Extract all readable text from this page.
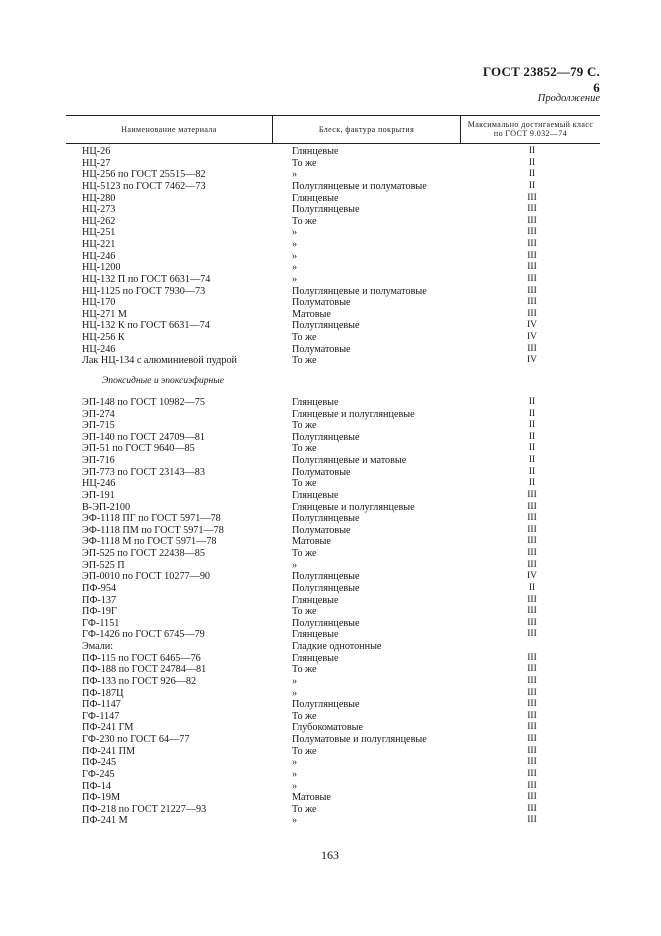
ГОСТ 23852—79 С. 6
Продолжение
Наименование материала	Блеск, фактура покрытия	Максимально достигаемый класс по ГОСТ 9.032—74
НЦ-26	Глянцевые	II
НЦ-27	То же	II
НЦ-256 по ГОСТ 25515—82	»	II
НЦ-5123 по ГОСТ 7462—73	Полуглянцевые и полуматовые	II
НЦ-280	Глянцевые	III
НЦ-273	Полуглянцевые	III
НЦ-262	То же	III
НЦ-251	»	III
НЦ-221	»	III
НЦ-246	»	III
НЦ-1200	»	III
НЦ-132 П по ГОСТ 6631—74	»	III
НЦ-1125 по ГОСТ 7930—73	Полуглянцевые и полуматовые	III
НЦ-170	Полуматовые	III
НЦ-271 М	Матовые	III
НЦ-132 К по ГОСТ 6631—74	Полуглянцевые	IV
НЦ-256 К	То же	IV
НЦ-246	Полуматовые	III
Лак НЦ-134 с алюминиевой пудрой	То же	IV
Эпоксидные и эпоксиэфирные
ЭП-148 по ГОСТ 10982—75	Глянцевые	II
ЭП-274	Глянцевые и полуглянцевые	II
ЭП-715	То же	II
ЭП-140 по ГОСТ 24709—81	Полуглянцевые	II
ЭП-51 по ГОСТ 9640—85	То же	II
ЭП-716	Полуглянцевые и матовые	II
ЭП-773 по ГОСТ 23143—83	Полуматовые	II
НЦ-246	То же	II
ЭП-191	Глянцевые	III
В-ЭП-2100	Глянцевые и полуглянцевые	III
ЭФ-1118 ПГ по ГОСТ 5971—78	Полуглянцевые	III
ЭФ-1118 ПМ по ГОСТ 5971—78	Полуматовые	III
ЭФ-1118 М по ГОСТ 5971—78	Матовые	III
ЭП-525 по ГОСТ 22438—85	То же	III
ЭП-525 П	»	III
ЭП-0010 по ГОСТ 10277—90	Полуглянцевые	IV
ПФ-954	Полуглянцевые	II
ПФ-137	Глянцевые	III
ПФ-19Г	То же	III
ГФ-1151	Полуглянцевые	III
ГФ-1426 по ГОСТ 6745—79	Глянцевые	III
Эмали:	Гладкие однотонные
ПФ-115 по ГОСТ 6465—76	Глянцевые	III
ПФ-188 по ГОСТ 24784—81	То же	III
ПФ-133 по ГОСТ 926—82	»	III
ПФ-187Ц	»	III
ПФ-1147	Полуглянцевые	III
ГФ-1147	То же	III
ПФ-241 ГМ	Глубокоматовые	III
ГФ-230 по ГОСТ 64—77	Полуматовые и полуглянцевые	III
ПФ-241 ПМ	То же	III
ПФ-245	»	III
ГФ-245	»	III
ПФ-14	»	III
ПФ-19М	Матовые	III
ПФ-218 по ГОСТ 21227—93	То же	III
ПФ-241 М	»	III
163
